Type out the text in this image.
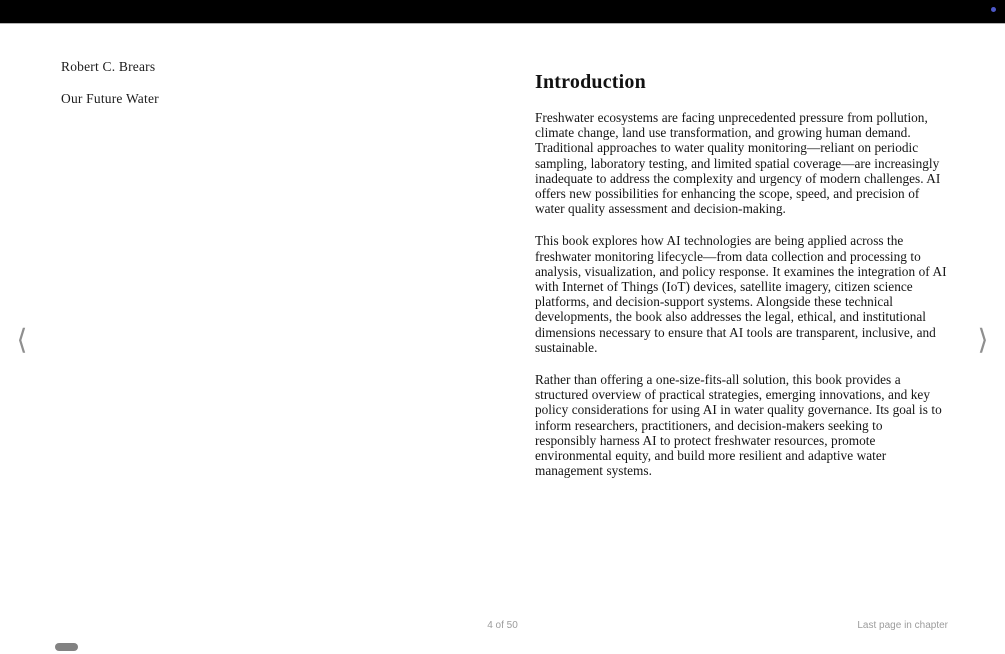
Robert C. Brears
Our Future Water
Introduction

Freshwater ecosystems are facing unprecedented pressure from pollution, climate change, land use transformation, and growing human demand. Traditional approaches to water quality monitoring—reliant on periodic sampling, laboratory testing, and limited spatial coverage—are increasingly inadequate to address the complexity and urgency of modern challenges. AI offers new possibilities for enhancing the scope, speed, and precision of water quality assessment and decision-making.

This book explores how AI technologies are being applied across the freshwater monitoring lifecycle—from data collection and processing to analysis, visualization, and policy response. It examines the integration of AI with Internet of Things (IoT) devices, satellite imagery, citizen science platforms, and decision-support systems. Alongside these technical developments, the book also addresses the legal, ethical, and institutional dimensions necessary to ensure that AI tools are transparent, inclusive, and sustainable.

Rather than offering a one-size-fits-all solution, this book provides a structured overview of practical strategies, emerging innovations, and key policy considerations for using AI in water quality governance. Its goal is to inform researchers, practitioners, and decision-makers seeking to responsibly harness AI to protect freshwater resources, promote environmental equity, and build more resilient and adaptive water management systems.

⟨	⟩
4 of 50	Last page in chapter
